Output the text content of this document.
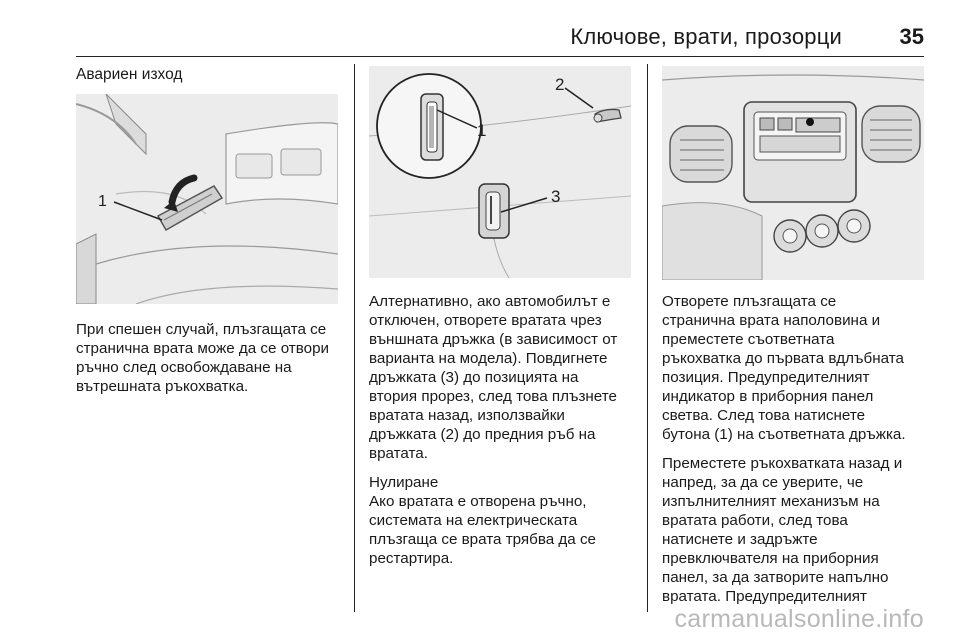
Ключове, врати, прозорци	35
Авариен изход
1

При спешен случай, плъзгащата се
странична врата може да се отвори
ръчно след освобождаване на
вътрешната ръкохватка.

2
1
3

Алтернативно, ако автомобилът е
отключен, отворете вратата чрез
външната дръжка (в зависимост от
варианта на модела). Повдигнете
дръжката (3) до позицията на
втория прорез, след това плъзнете
вратата назад, използвайки
дръжката (2) до предния ръб на
вратата.

Нулиране

Ако вратата е отворена ръчно,
системата на електрическата
плъзгаща се врата трябва да се
рестартира.

Отворете плъзгащата се
странична врата наполовина и
преместете съответната
ръкохватка до първата вдлъбната
позиция. Предупредителният
индикатор в приборния панел
светва. След това натиснете
бутона (1) на съответната дръжка.

Преместете ръкохватката назад и
напред, за да се уверите, че
изпълнителният механизъм на
вратата работи, след това
натиснете и задръжте
превключвателя на приборния
панел, за да затворите напълно
вратата. Предупредителният

carmanualsonline.info
